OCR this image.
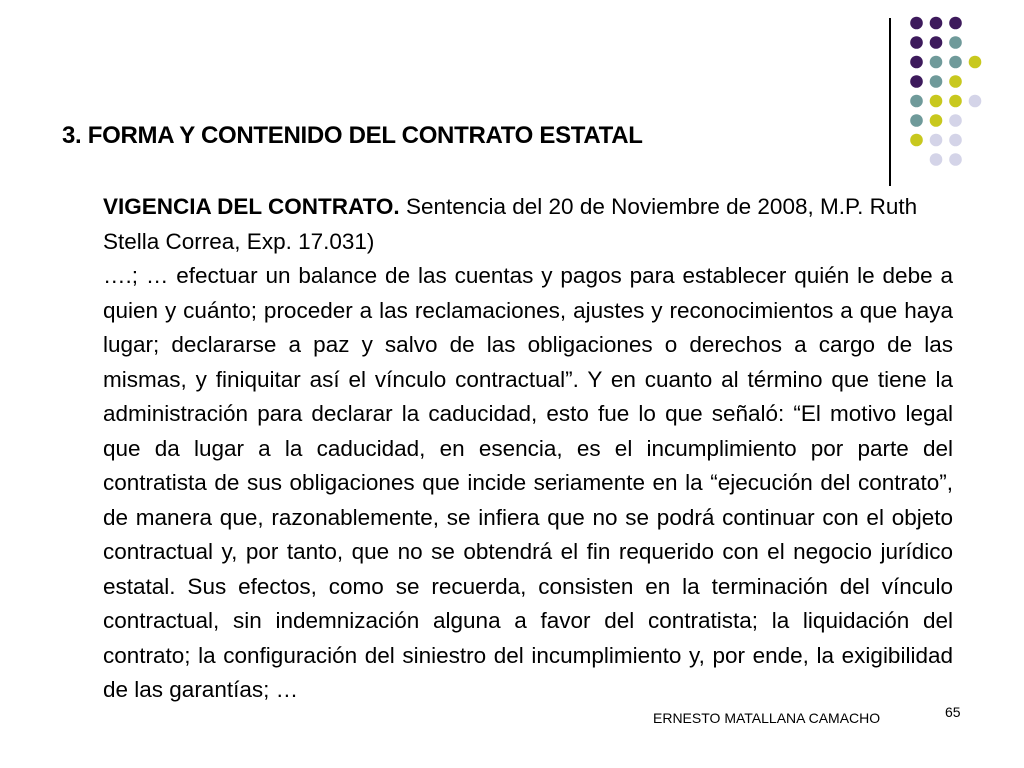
3. FORMA Y CONTENIDO DEL CONTRATO ESTATAL

VIGENCIA DEL CONTRATO. Sentencia del 20 de Noviembre de 2008, M.P. Ruth Stella Correa, Exp. 17.031)

….; … efectuar un balance de las cuentas y pagos para establecer quién le debe a quien y cuánto; proceder a las reclamaciones, ajustes y reconocimientos a que haya lugar; declararse a paz y salvo de las obligaciones o derechos a cargo de las mismas, y finiquitar así el vínculo contractual”. Y en cuanto al término que tiene la administración para declarar la caducidad, esto fue lo que señaló: “El motivo legal que da lugar a la caducidad, en esencia, es el incumplimiento por parte del contratista de sus obligaciones que incide seriamente en la “ejecución del contrato”, de manera que, razonablemente, se infiera que no se podrá continuar con el objeto contractual y, por tanto, que no se obtendrá el fin requerido con el negocio jurídico estatal. Sus efectos, como se recuerda, consisten en la terminación del vínculo contractual, sin indemnización alguna a favor del contratista; la liquidación del contrato; la configuración del siniestro del incumplimiento y, por ende, la exigibilidad de las garantías; …

ERNESTO MATALLANA CAMACHO	65
